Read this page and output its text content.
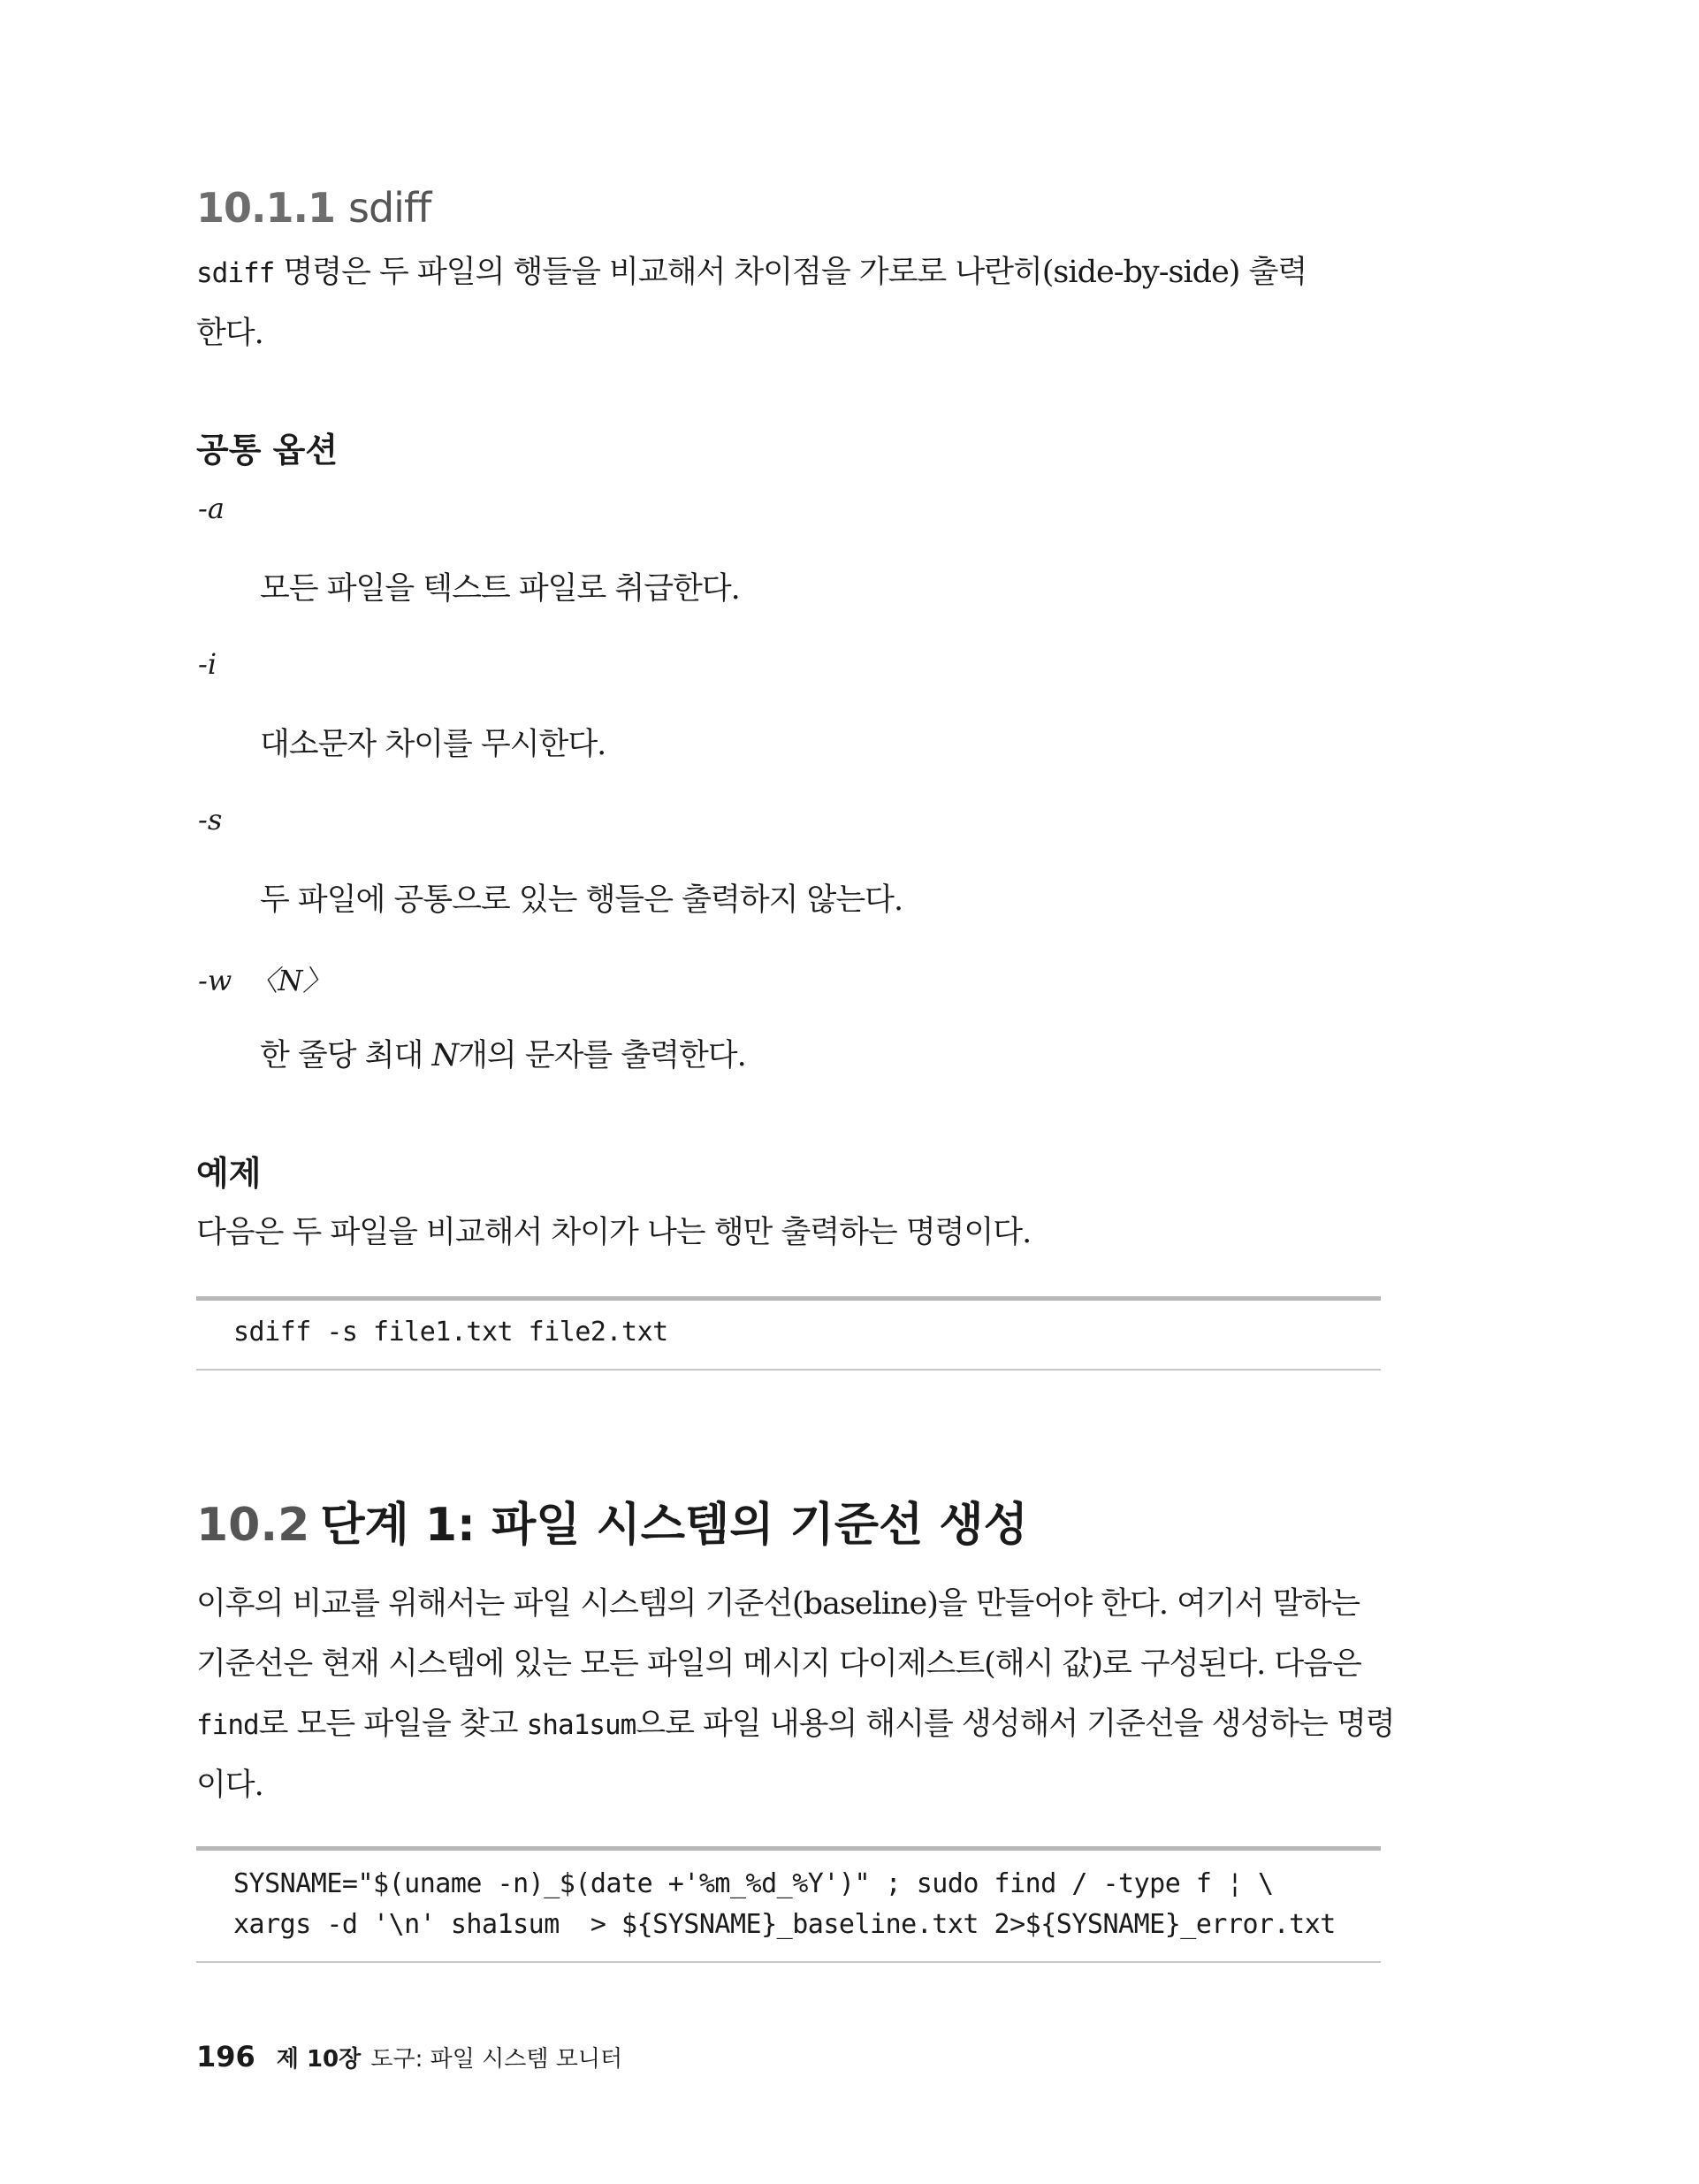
10.1.1 sdiff
sdiff 명령은 두 파일의 행들을 비교해서 차이점을 가로로 나란히(side-by-side) 출력
한다.
공통 옵션
-a
모든 파일을 텍스트 파일로 취급한다.
-i
대소문자 차이를 무시한다.
-s
두 파일에 공통으로 있는 행들은 출력하지 않는다.
-w 〈N〉
한 줄당 최대 N개의 문자를 출력한다.
예제
다음은 두 파일을 비교해서 차이가 나는 행만 출력하는 명령이다.
sdiff -s file1.txt file2.txt
10.2 단계 1: 파일 시스템의 기준선 생성
이후의 비교를 위해서는 파일 시스템의 기준선(baseline)을 만들어야 한다. 여기서 말하는
기준선은 현재 시스템에 있는 모든 파일의 메시지 다이제스트(해시 값)로 구성된다. 다음은
find로 모든 파일을 찾고 sha1sum으로 파일 내용의 해시를 생성해서 기준선을 생성하는 명령
이다.
SYSNAME="$(uname -n)_$(date +'%m_%d_%Y')" ; sudo find / -type f ¦ \
xargs -d '\n' sha1sum  > ${SYSNAME}_baseline.txt 2>${SYSNAME}_error.txt
196 제 10장 도구: 파일 시스템 모니터
